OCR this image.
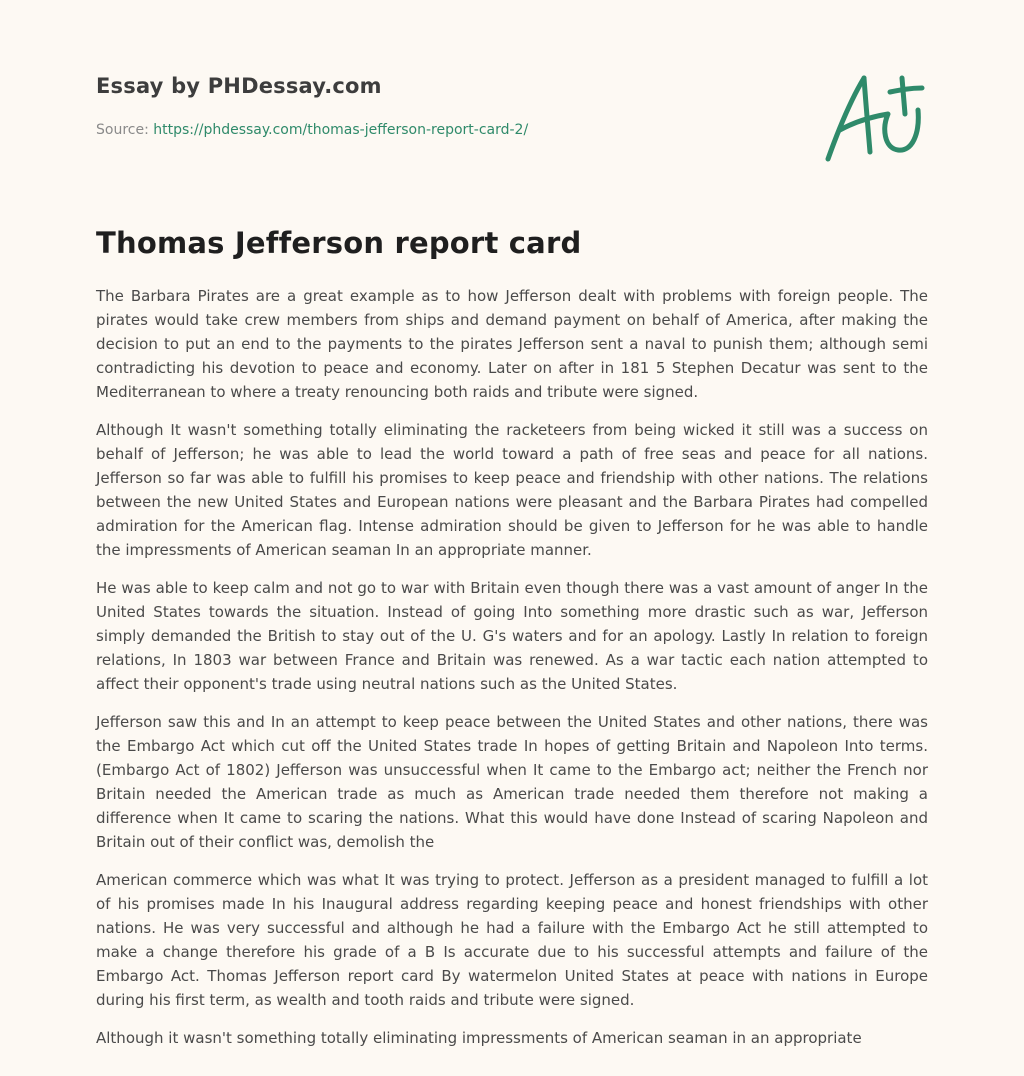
Essay by PHDessay.com
Source: https://phdessay.com/thomas-jefferson-report-card-2/
Thomas Jefferson report card

The Barbara Pirates are a great example as to how Jefferson dealt with problems with foreign people. The pirates would take crew members from ships and demand payment on behalf of America, after making the decision to put an end to the payments to the pirates Jefferson sent a naval to punish them; although semi contradicting his devotion to peace and economy. Later on after in 181 5 Stephen Decatur was sent to the Mediterranean to where a treaty renouncing both raids and tribute were signed.

Although It wasn't something totally eliminating the racketeers from being wicked it still was a success on behalf of Jefferson; he was able to lead the world toward a path of free seas and peace for all nations. Jefferson so far was able to fulfill his promises to keep peace and friendship with other nations. The relations between the new United States and European nations were pleasant and the Barbara Pirates had compelled admiration for the American flag. Intense admiration should be given to Jefferson for he was able to handle the impressments of American seaman In an appropriate manner.

He was able to keep calm and not go to war with Britain even though there was a vast amount of anger In the United States towards the situation. Instead of going Into something more drastic such as war, Jefferson simply demanded the British to stay out of the U. G's waters and for an apology. Lastly In relation to foreign relations, In 1803 war between France and Britain was renewed. As a war tactic each nation attempted to affect their opponent's trade using neutral nations such as the United States.

Jefferson saw this and In an attempt to keep peace between the United States and other nations, there was the Embargo Act which cut off the United States trade In hopes of getting Britain and Napoleon Into terms. (Embargo Act of 1802) Jefferson was unsuccessful when It came to the Embargo act; neither the French nor Britain needed the American trade as much as American trade needed them therefore not making a difference when It came to scaring the nations. What this would have done Instead of scaring Napoleon and Britain out of their conflict was, demolish the

American commerce which was what It was trying to protect. Jefferson as a president managed to fulfill a lot of his promises made In his Inaugural address regarding keeping peace and honest friendships with other nations. He was very successful and although he had a failure with the Embargo Act he still attempted to make a change therefore his grade of a B Is accurate due to his successful attempts and failure of the Embargo Act. Thomas Jefferson report card By watermelon United States at peace with nations in Europe during his first term, as wealth and tooth raids and tribute were signed.

Although it wasn't something totally eliminating impressments of American seaman in an appropriate
